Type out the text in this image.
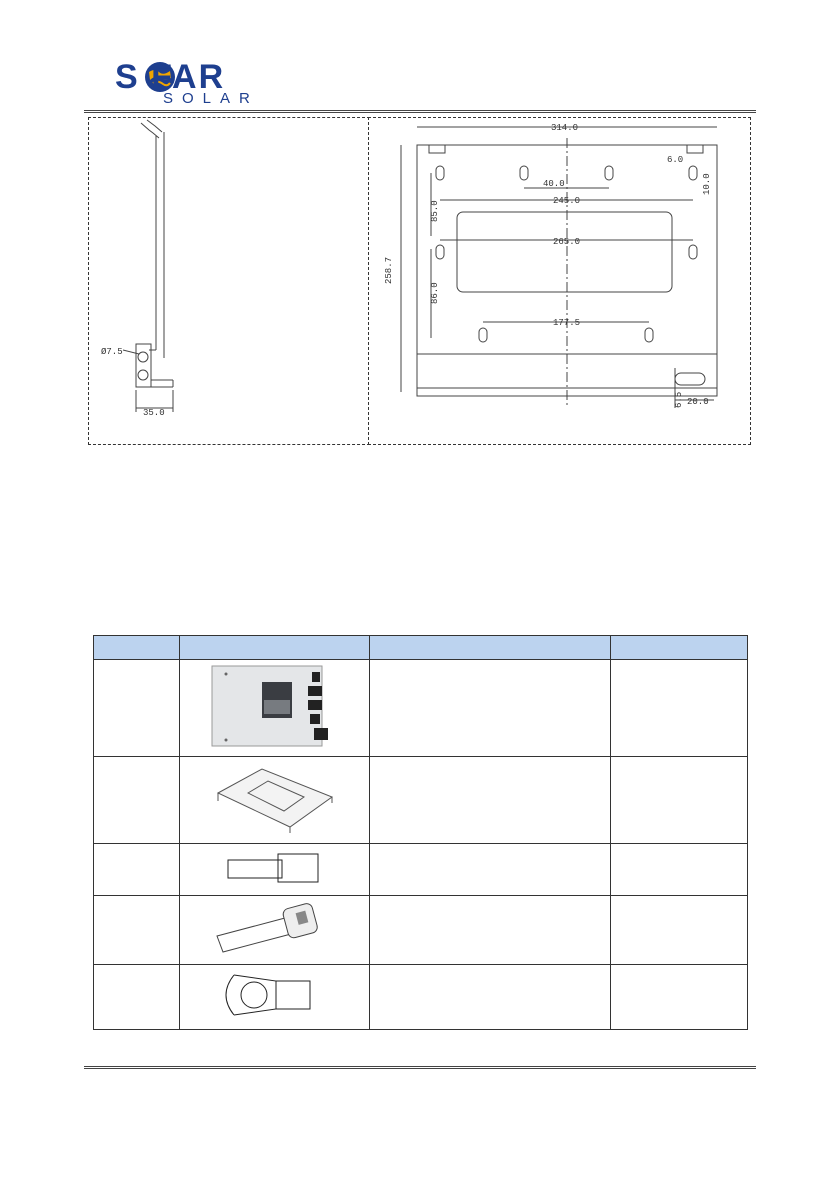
S FAR
SOLAR
Ø7.5
35.0
314.0
258.7
6.0
10.0
40.0
245.0
85.0
265.0
86.0
177.5
6.5 20.0
